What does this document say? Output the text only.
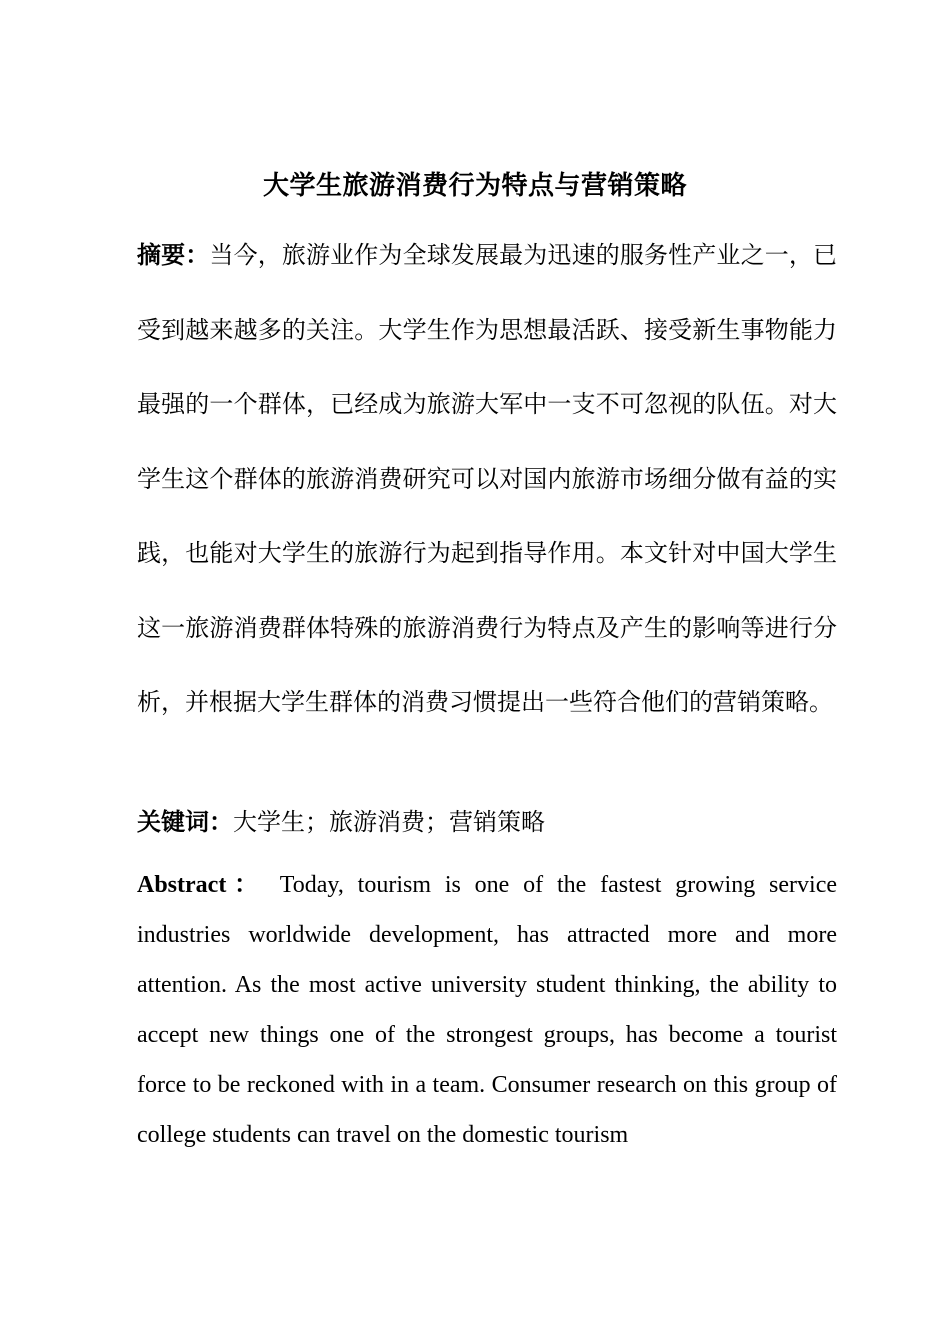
大学生旅游消费行为特点与营销策略
摘要：当今，旅游业作为全球发展最为迅速的服务性产业之一，已受到越来越多的关注。大学生作为思想最活跃、接受新生事物能力最强的一个群体，已经成为旅游大军中一支不可忽视的队伍。对大学生这个群体的旅游消费研究可以对国内旅游市场细分做有益的实践，也能对大学生的旅游行为起到指导作用。本文针对中国大学生这一旅游消费群体特殊的旅游消费行为特点及产生的影响等进行分析，并根据大学生群体的消费习惯提出一些符合他们的营销策略。
关键词：大学生；旅游消费；营销策略
Abstract： Today, tourism is one of the fastest growing service industries worldwide development, has attracted more and more attention. As the most active university student thinking, the ability to accept new things one of the strongest groups, has become a tourist force to be reckoned with in a team. Consumer research on this group of college students can travel on the domestic tourism
